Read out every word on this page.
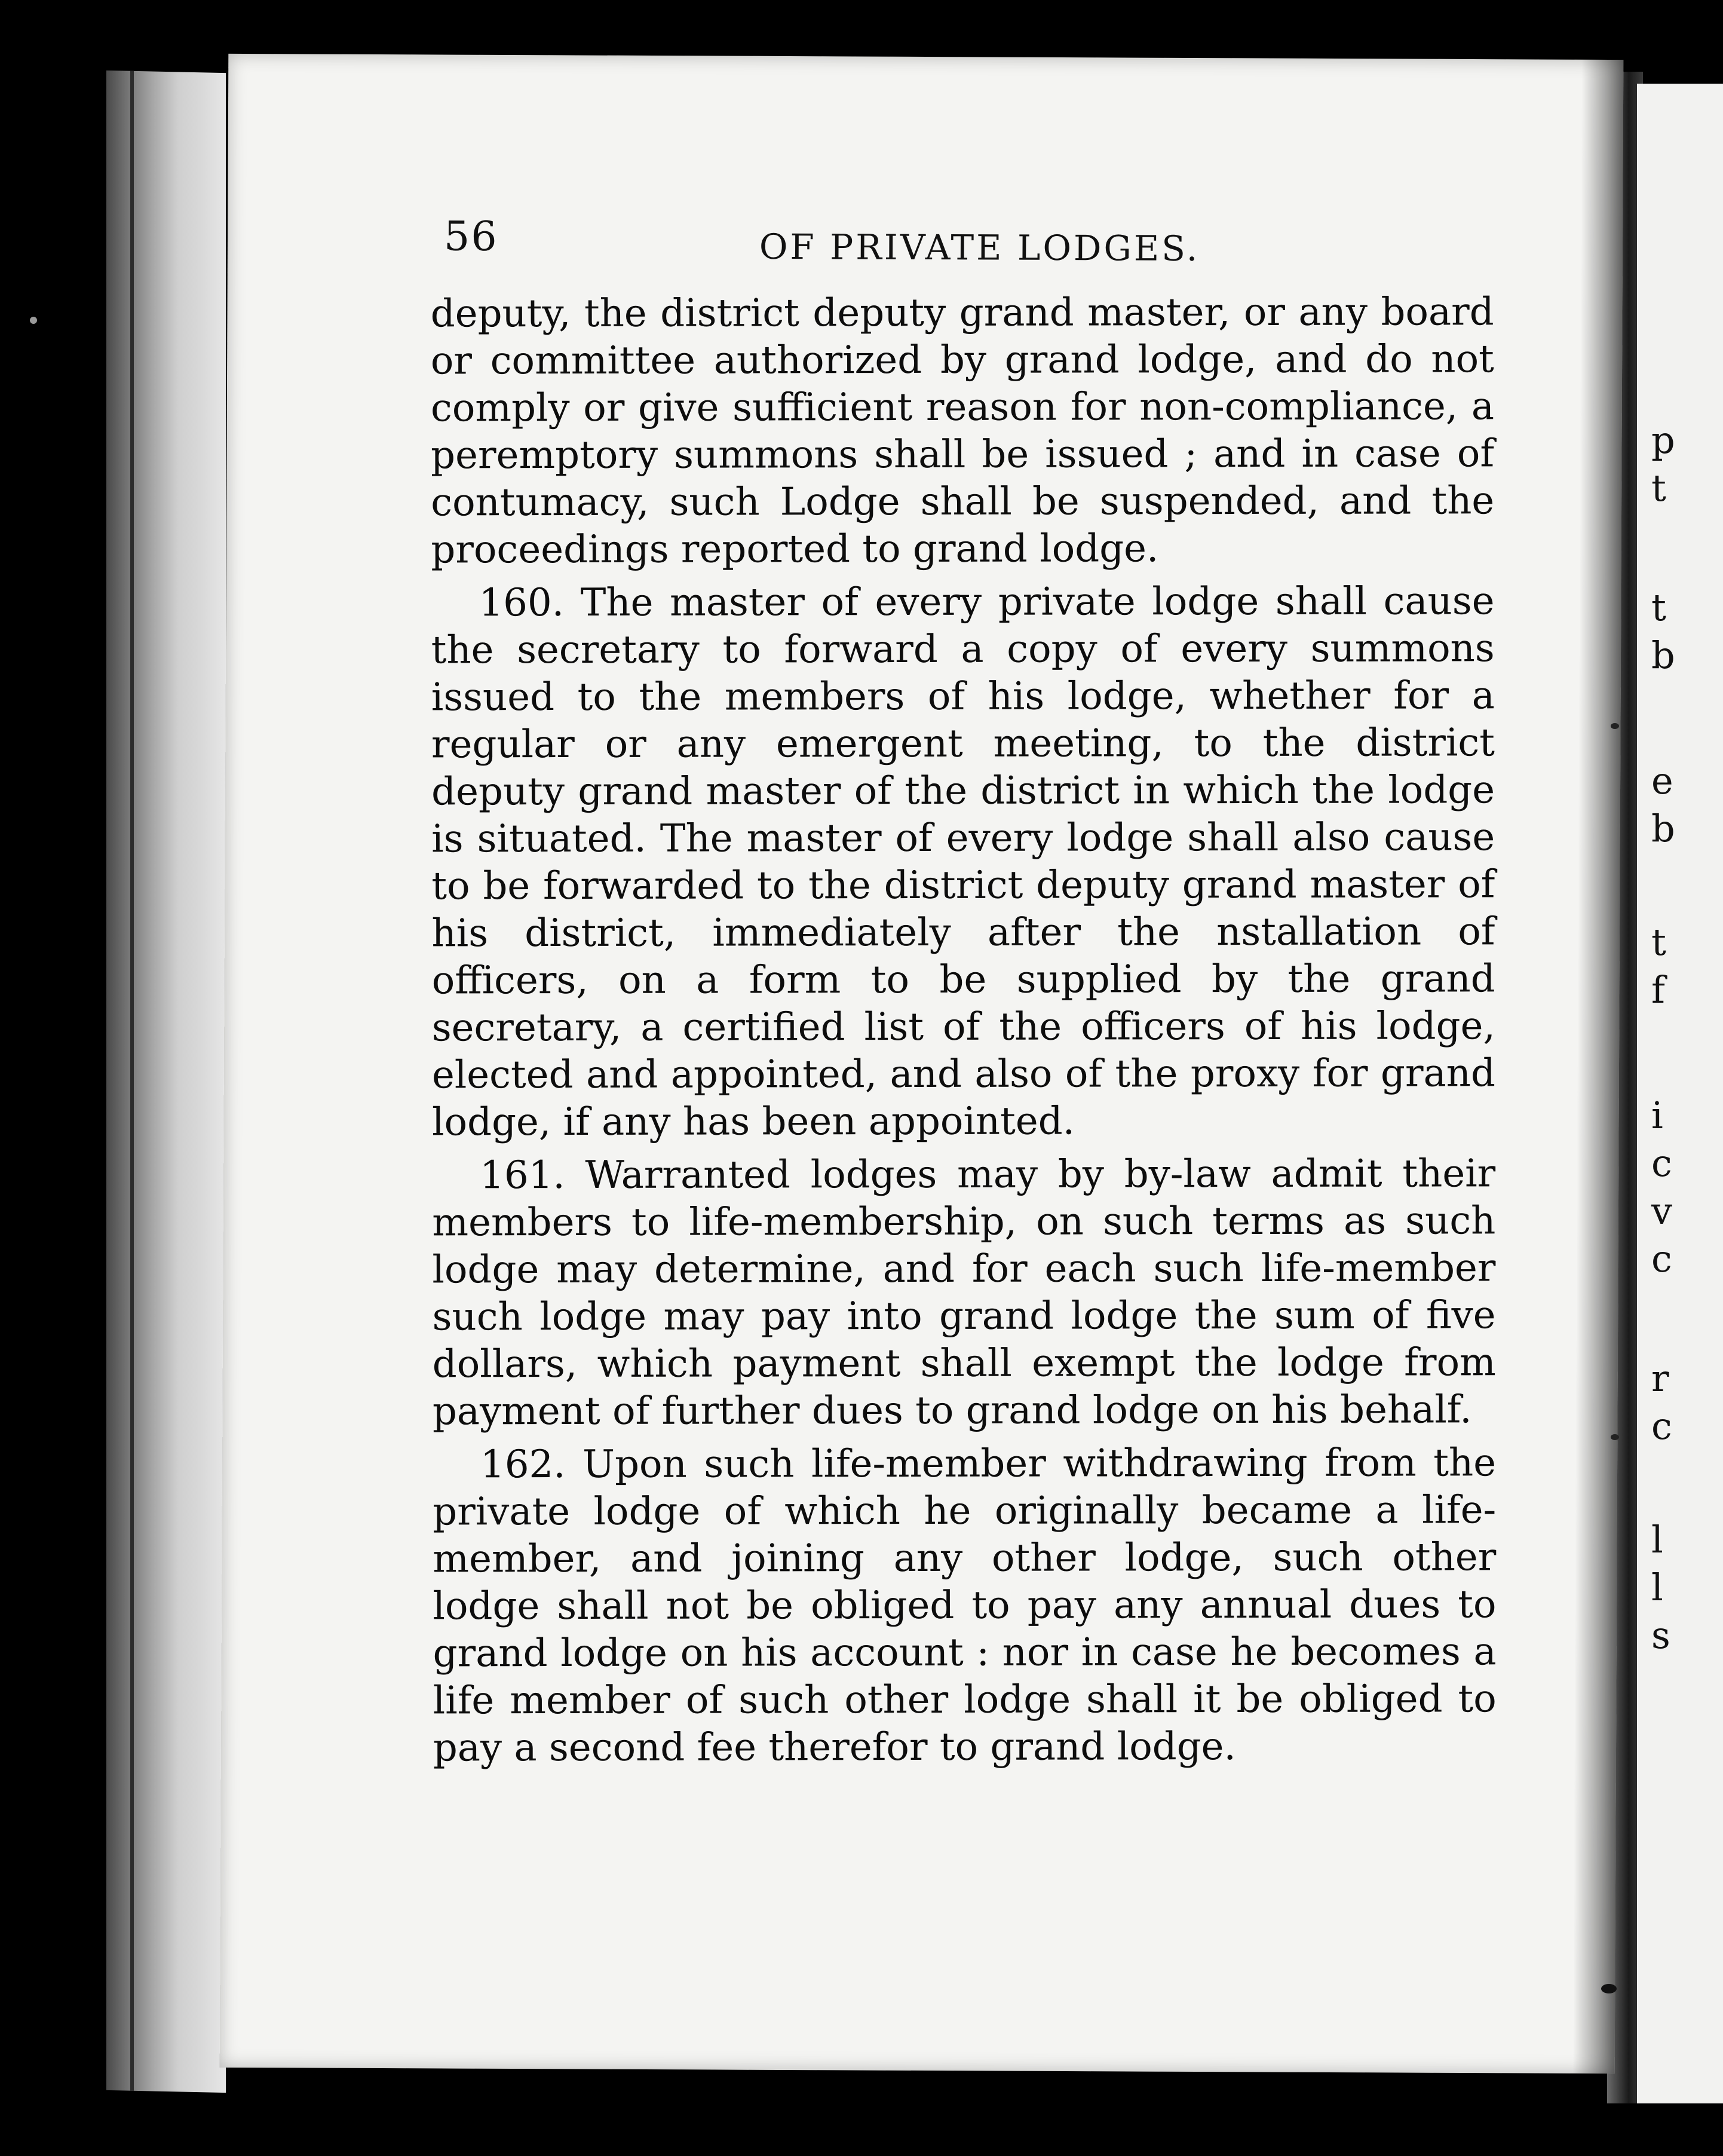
p
t
t
b
e
b
t
f
i
c
v
c
r
c
l
l
s
56	OF PRIVATE LODGES.

deputy, the district deputy grand master, or any board or committee authorized by grand lodge, and do not comply or give sufficient reason for non-compliance, a peremptory summons shall be issued ; and in case of contumacy, such Lodge shall be suspended, and the proceedings reported to grand lodge.

160. The master of every private lodge shall cause the secretary to forward a copy of every summons issued to the members of his lodge, whether for a regular or any emergent meeting, to the district deputy grand master of the district in which the lodge is situated. The master of every lodge shall also cause to be forwarded to the district deputy grand master of his district, immediately after the nstallation of officers, on a form to be supplied by the grand secretary, a certified list of the officers of his lodge, elected and appointed, and also of the proxy for grand lodge, if any has been appointed.

161. Warranted lodges may by by-law admit their members to life-membership, on such terms as such lodge may determine, and for each such life-member such lodge may pay into grand lodge the sum of five dollars, which payment shall exempt the lodge from payment of further dues to grand lodge on his behalf.

162. Upon such life-member withdrawing from the private lodge of which he originally became a life-member, and joining any other lodge, such other lodge shall not be obliged to pay any annual dues to grand lodge on his account : nor in case he becomes a life member of such other lodge shall it be obliged to pay a second fee therefor to grand lodge.
